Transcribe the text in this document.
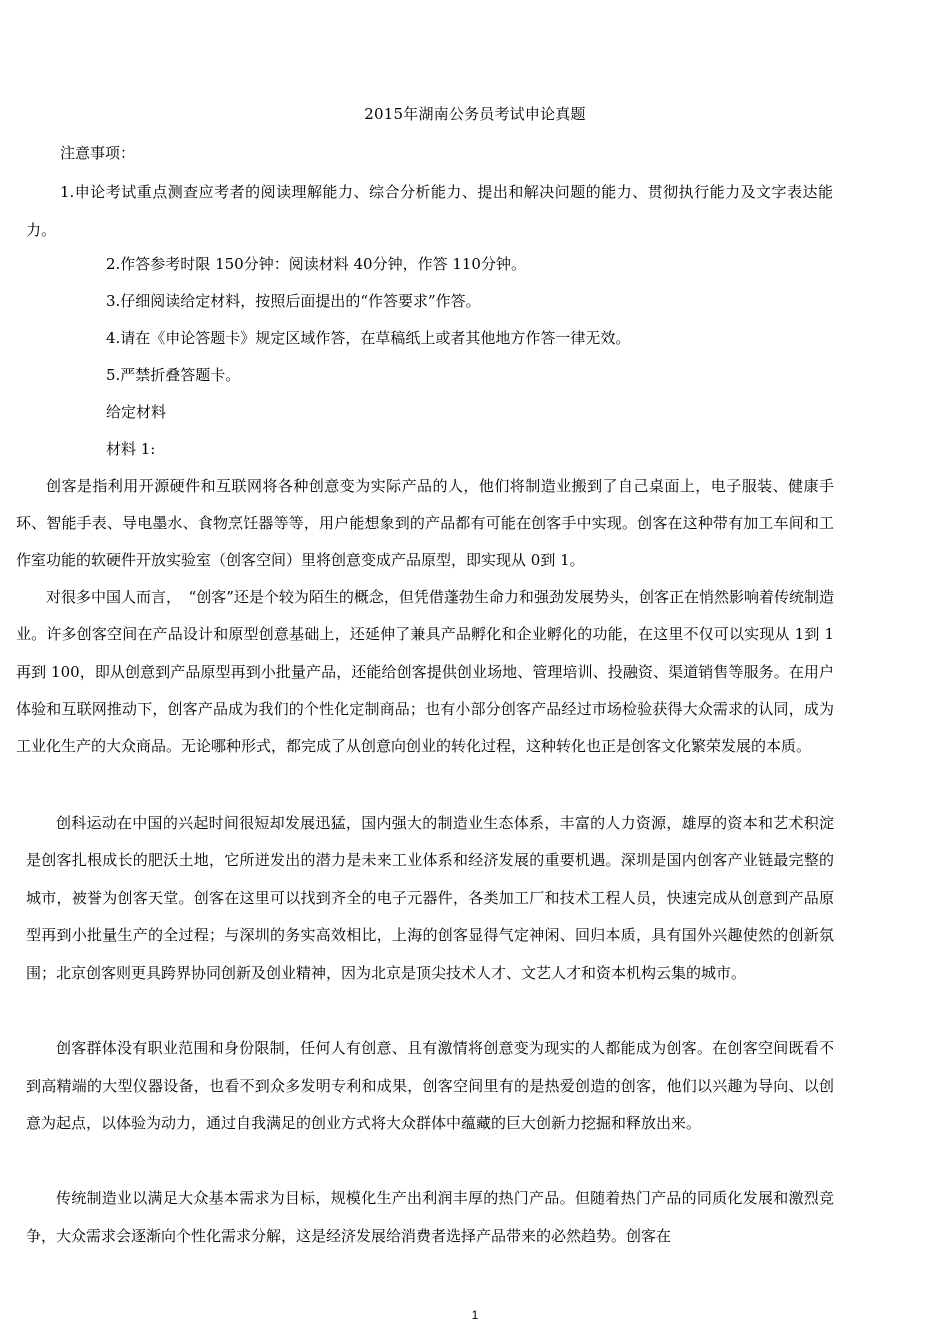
2015年湖南公务员考试申论真题
注意事项：
1.申论考试重点测查应考者的阅读理解能力、综合分析能力、提出和解决问题的能力、贯彻执行能力及文字表达能力。
2.作答参考时限 150分钟：阅读材料 40分钟，作答 110分钟。
3.仔细阅读给定材料，按照后面提出的“作答要求”作答。
4.请在《申论答题卡》规定区域作答，在草稿纸上或者其他地方作答一律无效。
5.严禁折叠答题卡。
给定材料
材料 1:
创客是指利用开源硬件和互联网将各种创意变为实际产品的人，他们将制造业搬到了自己桌面上，电子服装、健康手环、智能手表、导电墨水、食物烹饪器等等，用户能想象到的产品都有可能在创客手中实现。创客在这种带有加工车间和工作室功能的软硬件开放实验室（创客空间）里将创意变成产品原型，即实现从 0到 1。
对很多中国人而言，　“创客”还是个较为陌生的概念，但凭借蓬勃生命力和强劲发展势头，创客正在悄然影响着传统制造业。许多创客空间在产品设计和原型创意基础上，还延伸了兼具产品孵化和企业孵化的功能，在这里不仅可以实现从 1到 1再到 100，即从创意到产品原型再到小批量产品，还能给创客提供创业场地、管理培训、投融资、渠道销售等服务。在用户体验和互联网推动下，创客产品成为我们的个性化定制商品；也有小部分创客产品经过市场检验获得大众需求的认同，成为工业化生产的大众商品。无论哪种形式，都完成了从创意向创业的转化过程，这种转化也正是创客文化繁荣发展的本质。
创科运动在中国的兴起时间很短却发展迅猛，国内强大的制造业生态体系，丰富的人力资源，雄厚的资本和艺术积淀是创客扎根成长的肥沃土地，它所迸发出的潜力是未来工业体系和经济发展的重要机遇。深圳是国内创客产业链最完整的城市，被誉为创客天堂。创客在这里可以找到齐全的电子元器件，各类加工厂和技术工程人员，快速完成从创意到产品原型再到小批量生产的全过程；与深圳的务实高效相比，上海的创客显得气定神闲、回归本质，具有国外兴趣使然的创新氛围；北京创客则更具跨界协同创新及创业精神，因为北京是顶尖技术人才、文艺人才和资本机构云集的城市。
创客群体没有职业范围和身份限制，任何人有创意、且有激情将创意变为现实的人都能成为创客。在创客空间既看不到高精端的大型仪器设备，也看不到众多发明专利和成果，创客空间里有的是热爱创造的创客，他们以兴趣为导向、以创意为起点，以体验为动力，通过自我满足的创业方式将大众群体中蕴藏的巨大创新力挖掘和释放出来。
传统制造业以满足大众基本需求为目标，规模化生产出利润丰厚的热门产品。但随着热门产品的同质化发展和激烈竞争，大众需求会逐渐向个性化需求分解，这是经济发展给消费者选择产品带来的必然趋势。创客在
1
